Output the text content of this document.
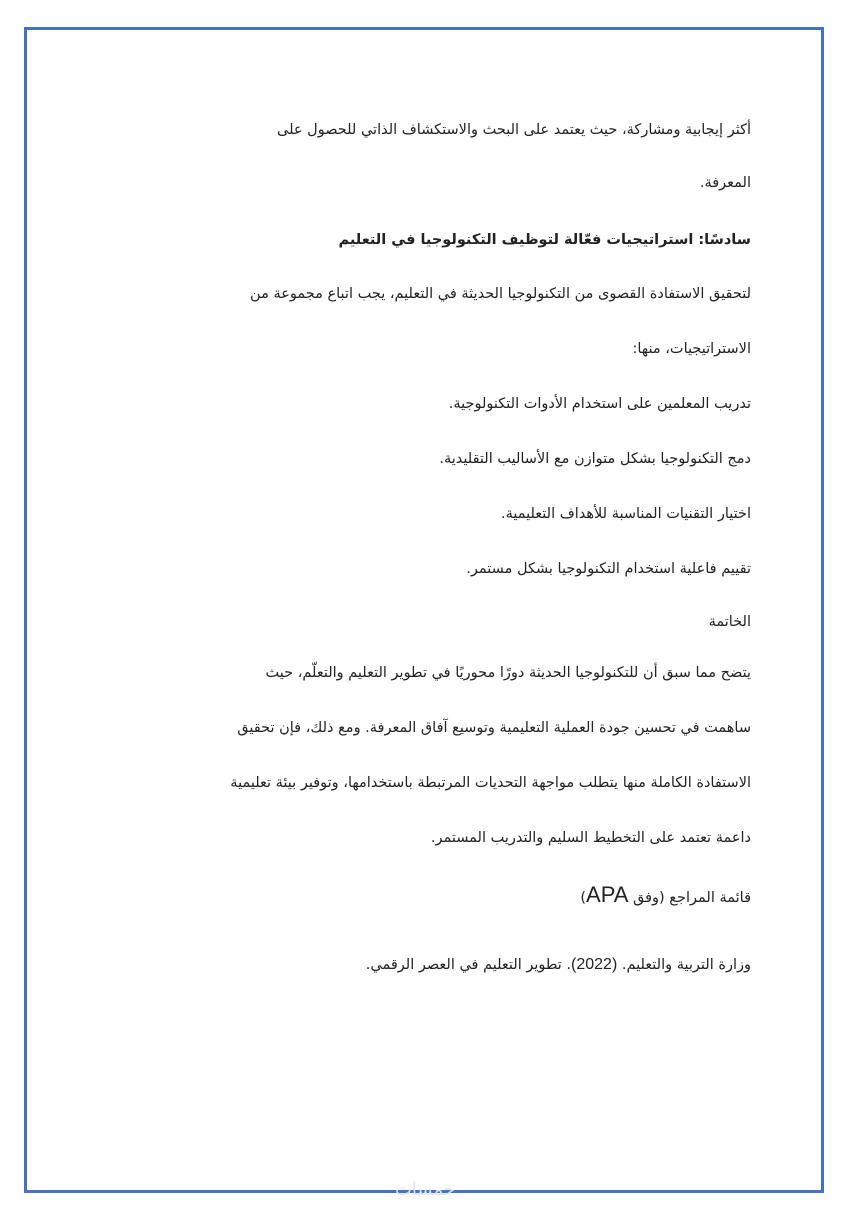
أكثر إيجابية ومشاركة، حيث يعتمد على البحث والاستكشاف الذاتي للحصول على
المعرفة.
سادسًا: استراتيجيات فعّالة لتوظيف التكنولوجيا في التعليم
لتحقيق الاستفادة القصوى من التكنولوجيا الحديثة في التعليم، يجب اتباع مجموعة من
الاستراتيجيات، منها:
تدريب المعلمين على استخدام الأدوات التكنولوجية.
دمج التكنولوجيا بشكل متوازن مع الأساليب التقليدية.
اختيار التقنيات المناسبة للأهداف التعليمية.
تقييم فاعلية استخدام التكنولوجيا بشكل مستمر.
الخاتمة
يتضح مما سبق أن للتكنولوجيا الحديثة دورًا محوريًا في تطوير التعليم والتعلّم، حيث
ساهمت في تحسين جودة العملية التعليمية وتوسيع آفاق المعرفة. ومع ذلك، فإن تحقيق
الاستفادة الكاملة منها يتطلب مواجهة التحديات المرتبطة باستخدامها، وتوفير بيئة تعليمية
داعمة تعتمد على التخطيط السليم والتدريب المستمر.
قائمة المراجع (وفق APA)
وزارة التربية والتعليم. (2022). تطوير التعليم في العصر الرقمي.
خمسات
